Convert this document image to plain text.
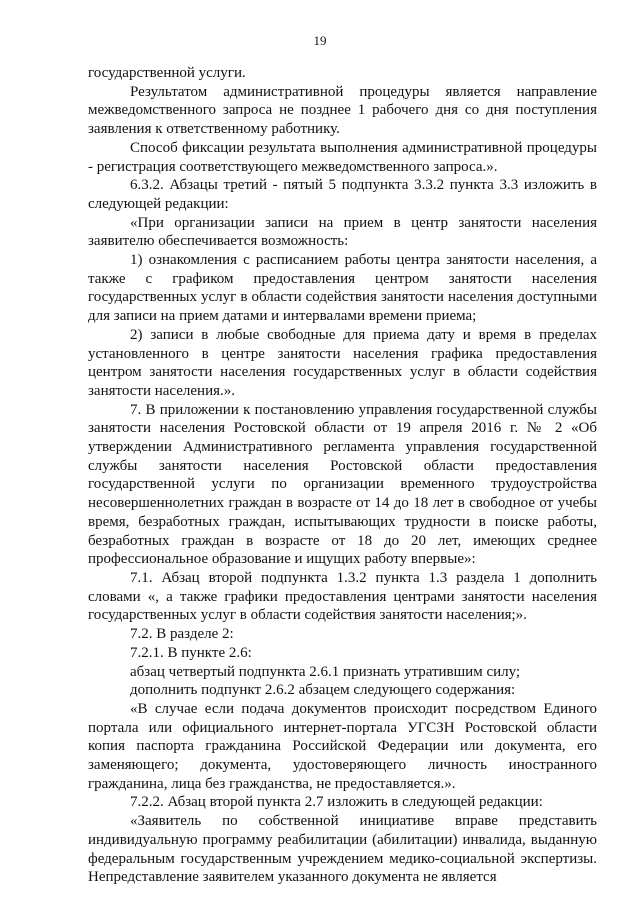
19

государственной услуги.

Результатом административной процедуры является направление межведомственного запроса не позднее 1 рабочего дня со дня поступления заявления к ответственному работнику.

Способ фиксации результата выполнения административной процедуры - регистрация соответствующего межведомственного запроса.».

6.3.2. Абзацы третий - пятый 5 подпункта 3.3.2 пункта 3.3 изложить в следующей редакции:

«При организации записи на прием в центр занятости населения заявителю обеспечивается возможность:

1) ознакомления с расписанием работы центра занятости населения, а также с графиком предоставления центром занятости населения государственных услуг в области содействия занятости населения доступными для записи на прием датами и интервалами времени приема;

2) записи в любые свободные для приема дату и время в пределах установленного в центре занятости населения графика предоставления центром занятости населения государственных услуг в области содействия занятости населения.».

7. В приложении к постановлению управления государственной службы занятости населения Ростовской области от 19 апреля 2016 г. № 2 «Об утверждении Административного регламента управления государственной службы занятости населения Ростовской области предоставления государственной услуги по организации временного трудоустройства несовершеннолетних граждан в возрасте от 14 до 18 лет в свободное от учебы время, безработных граждан, испытывающих трудности в поиске работы, безработных граждан в возрасте от 18 до 20 лет, имеющих среднее профессиональное образование и ищущих работу впервые»:

7.1. Абзац второй подпункта 1.3.2 пункта 1.3 раздела 1 дополнить словами «, а также графики предоставления центрами занятости населения государственных услуг в области содействия занятости населения;».

7.2. В разделе 2:

7.2.1. В пункте 2.6:

абзац четвертый подпункта 2.6.1 признать утратившим силу;

дополнить подпункт 2.6.2 абзацем следующего содержания:

«В случае если подача документов происходит посредством Единого портала или официального интернет-портала УГСЗН Ростовской области копия паспорта гражданина Российской Федерации или документа, его заменяющего; документа, удостоверяющего личность иностранного гражданина, лица без гражданства, не предоставляется.».

7.2.2. Абзац второй пункта 2.7 изложить в следующей редакции:

«Заявитель по собственной инициативе вправе представить индивидуальную программу реабилитации (абилитации) инвалида, выданную федеральным государственным учреждением медико-социальной экспертизы. Непредставление заявителем указанного документа не является
